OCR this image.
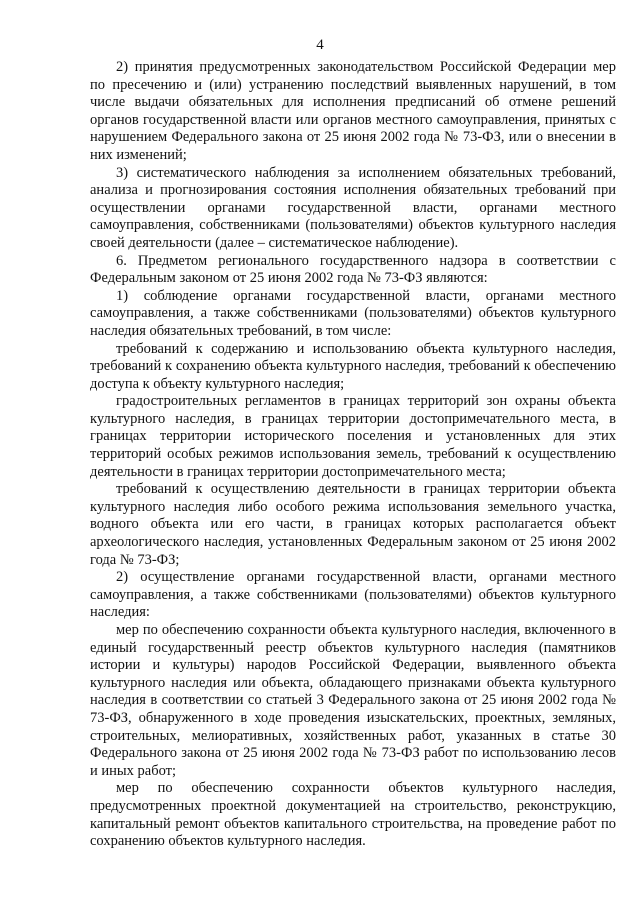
4

2) принятия предусмотренных законодательством Российской Федерации мер по пресечению и (или) устранению последствий выявленных нарушений, в том числе выдачи обязательных для исполнения предписаний об отмене решений органов государственной власти или органов местного самоуправления, принятых с нарушением Федерального закона от 25 июня 2002 года № 73-ФЗ, или о внесении в них изменений;

3) систематического наблюдения за исполнением обязательных требований, анализа и прогнозирования состояния исполнения обязательных требований при осуществлении органами государственной власти, органами местного самоуправления, собственниками (пользователями) объектов культурного наследия своей деятельности (далее – систематическое наблюдение).

6. Предметом регионального государственного надзора в соответствии с Федеральным законом от 25 июня 2002 года № 73-ФЗ являются:

1) соблюдение органами государственной власти, органами местного самоуправления, а также собственниками (пользователями) объектов культурного наследия обязательных требований, в том числе:

требований к содержанию и использованию объекта культурного наследия, требований к сохранению объекта культурного наследия, требований к обеспечению доступа к объекту культурного наследия;

градостроительных регламентов в границах территорий зон охраны объекта культурного наследия, в границах территории достопримечательного места, в границах территории исторического поселения и установленных для этих территорий особых режимов использования земель, требований к осуществлению деятельности в границах территории достопримечательного места;

требований к осуществлению деятельности в границах территории объекта культурного наследия либо особого режима использования земельного участка, водного объекта или его части, в границах которых располагается объект археологического наследия, установленных Федеральным законом от 25 июня 2002 года № 73-ФЗ;

2) осуществление органами государственной власти, органами местного самоуправления, а также собственниками (пользователями) объектов культурного наследия:

мер по обеспечению сохранности объекта культурного наследия, включенного в единый государственный реестр объектов культурного наследия (памятников истории и культуры) народов Российской Федерации, выявленного объекта культурного наследия или объекта, обладающего признаками объекта культурного наследия в соответствии со статьей 3 Федерального закона от 25 июня 2002 года № 73-ФЗ, обнаруженного в ходе проведения изыскательских, проектных, земляных, строительных, мелиоративных, хозяйственных работ, указанных в статье 30 Федерального закона от 25 июня 2002 года № 73-ФЗ работ по использованию лесов и иных работ;

мер по обеспечению сохранности объектов культурного наследия, предусмотренных проектной документацией на строительство, реконструкцию, капитальный ремонт объектов капитального строительства, на проведение работ по сохранению объектов культурного наследия.
